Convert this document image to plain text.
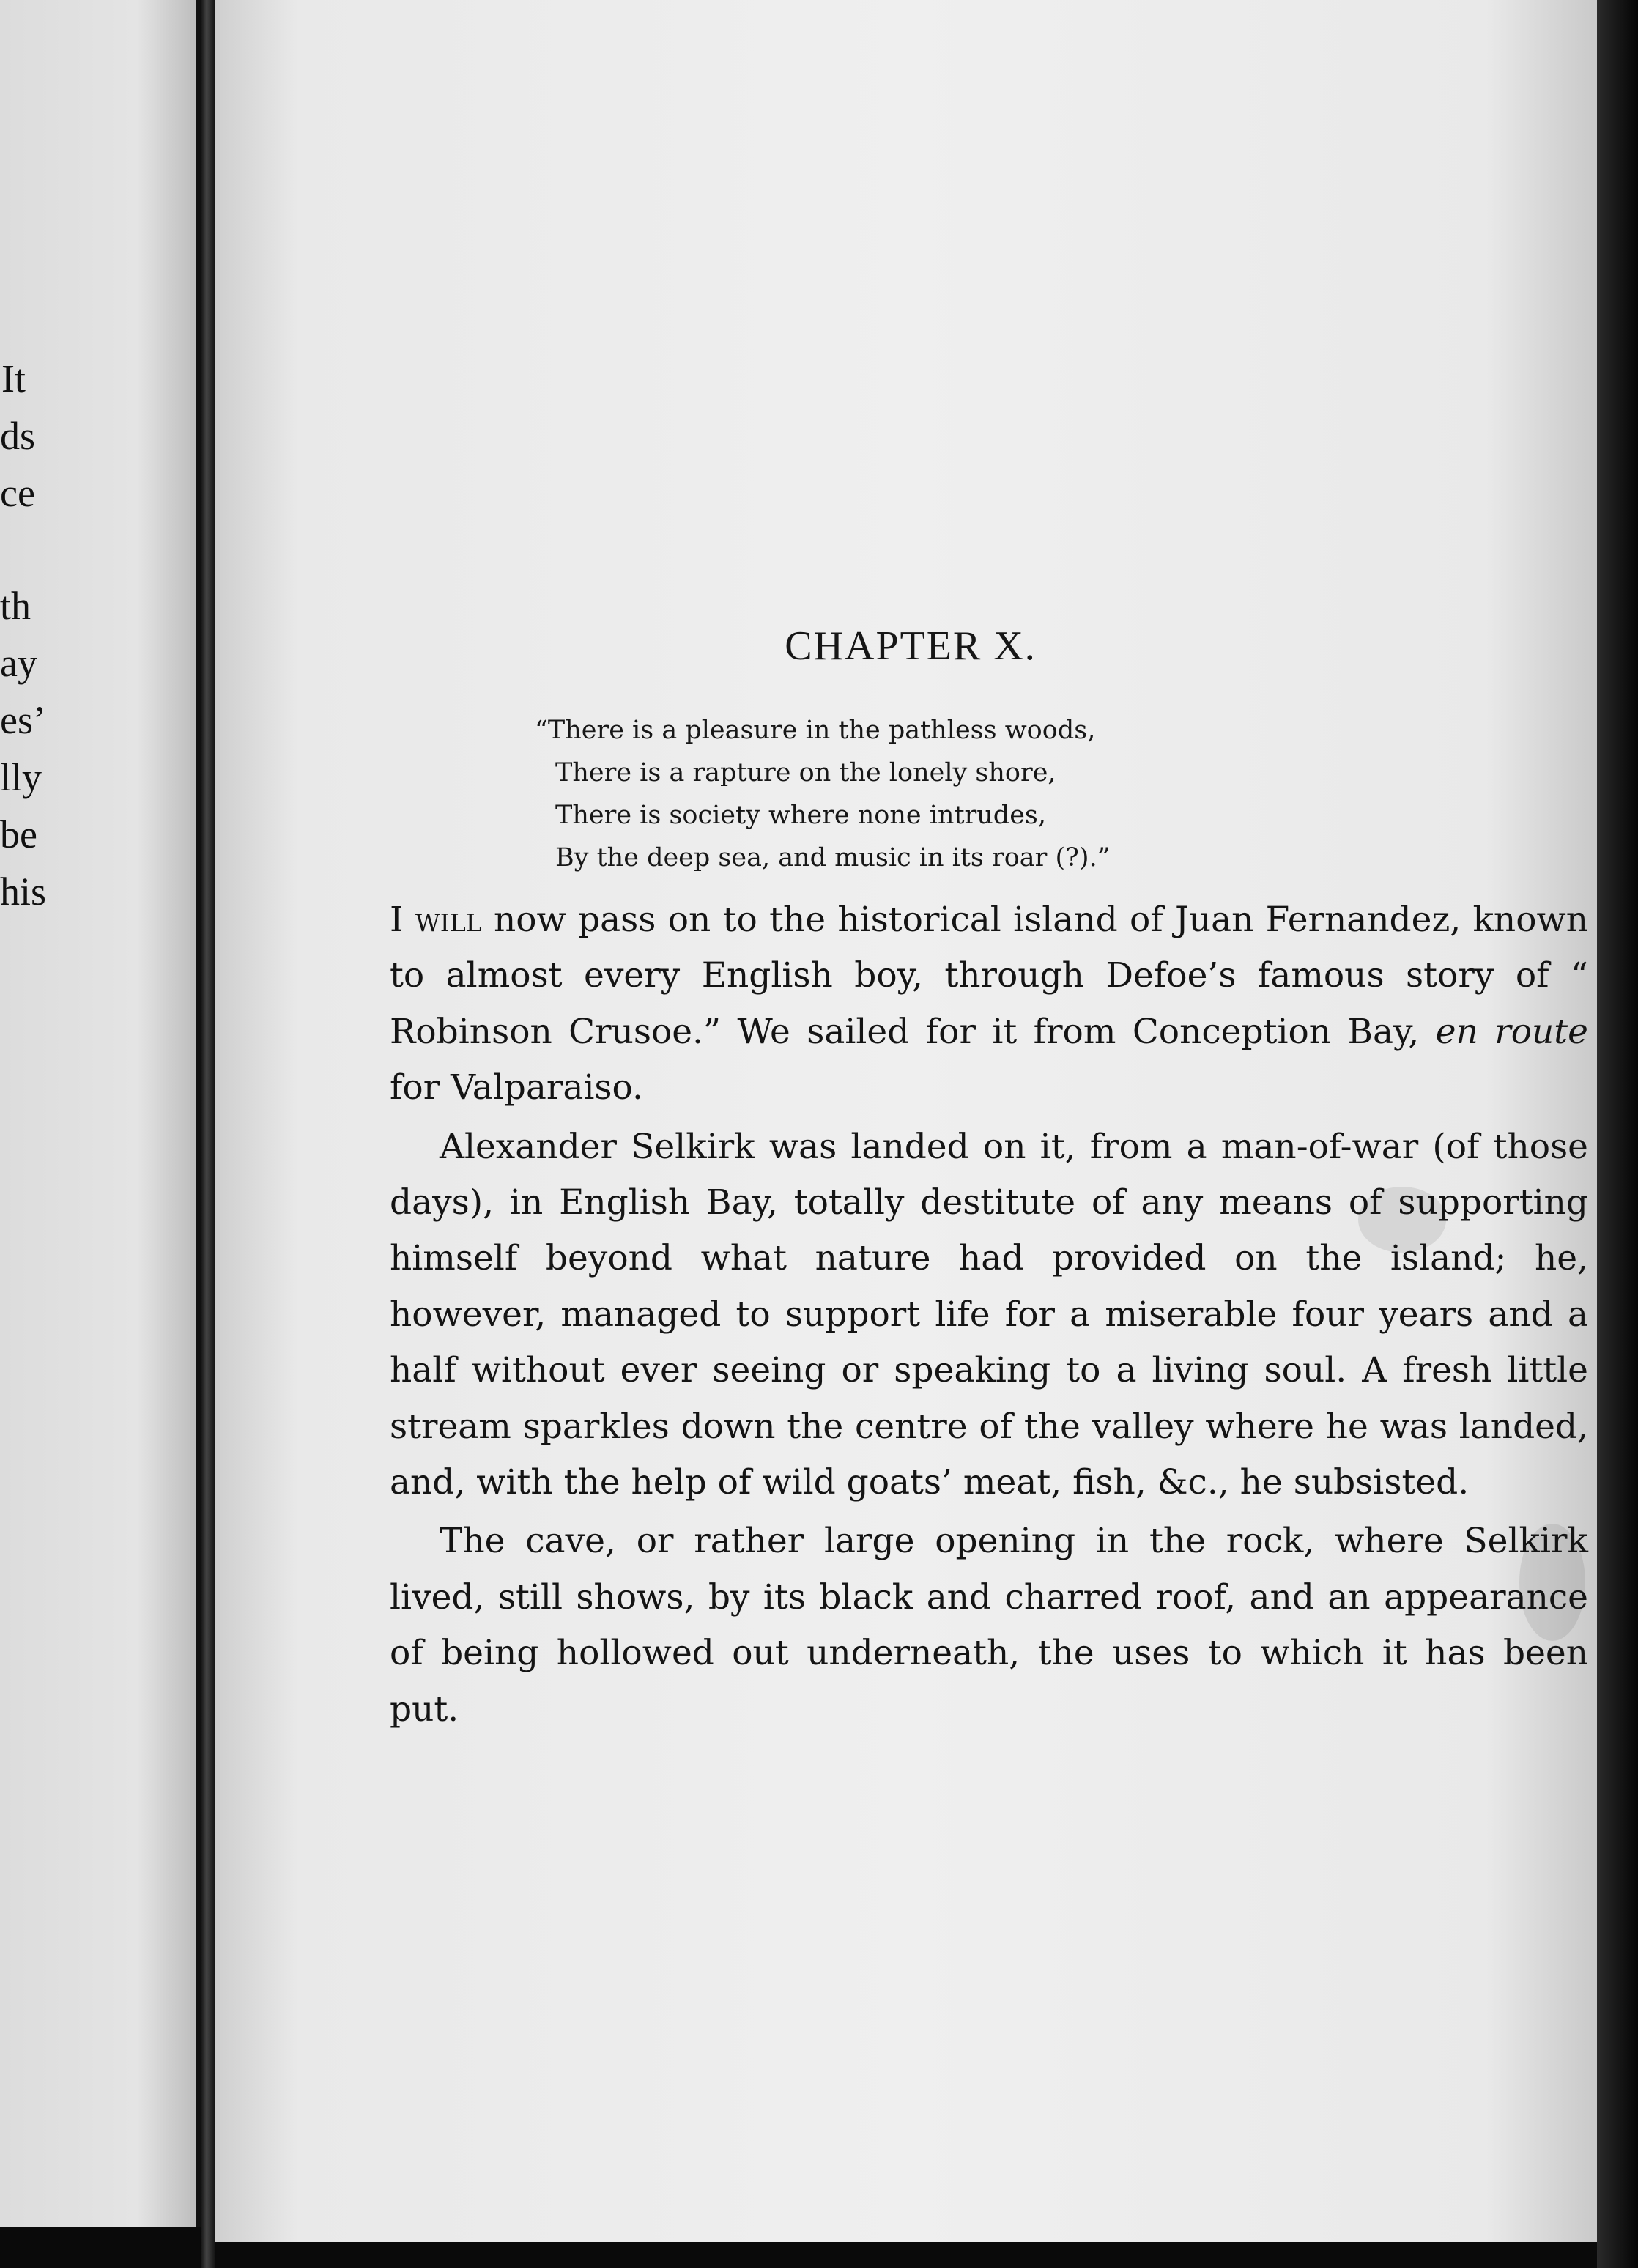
It
ds
ce
th
ay
es’
lly
be
his
CHAPTER X.
“There is a pleasure in the pathless woods,
There is a rapture on the lonely shore,
There is society where none intrudes,
By the deep sea, and music in its roar (?).”

I will now pass on to the historical island of Juan Fernandez, known to almost every English boy, through Defoe’s famous story of “ Robinson Crusoe.” We sailed for it from Conception Bay, en route for Valparaiso.

Alexander Selkirk was landed on it, from a man-of-war (of those days), in English Bay, totally destitute of any means of supporting himself beyond what nature had provided on the island; he, however, managed to support life for a miserable four years and a half without ever seeing or speaking to a living soul. A fresh little stream sparkles down the centre of the valley where he was landed, and, with the help of wild goats’ meat, fish, &c., he subsisted.

The cave, or rather large opening in the rock, where Selkirk lived, still shows, by its black and charred roof, and an appearance of being hollowed out underneath, the uses to which it has been put.
